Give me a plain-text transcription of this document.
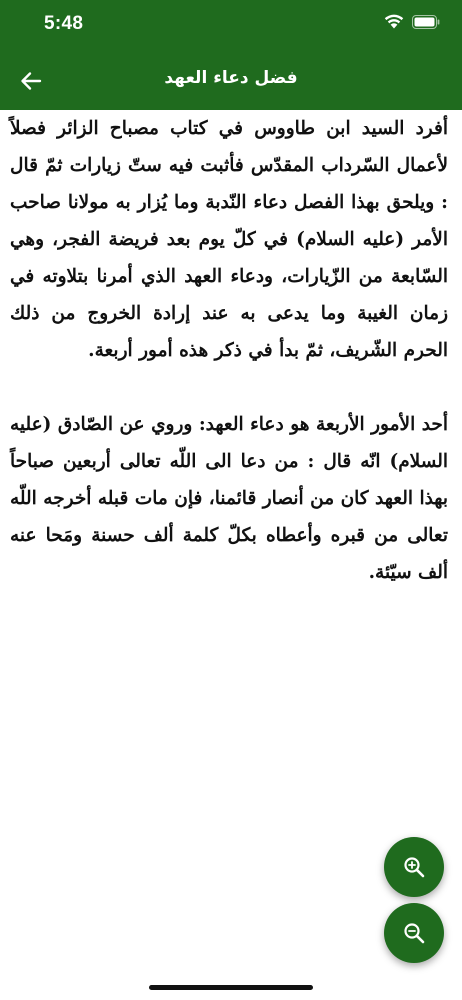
5:48
فضل دعاء العهد

أفرد السيد ابن طاووس في كتاب مصباح الزائر فصلاً لأعمال السّرداب المقدّس فأثبت فيه ستّ زيارات ثمّ قال : ويلحق بهذا الفصل دعاء النّدبة وما يُزار به مولانا صاحب الأمر (عليه السلام) في كلّ يوم بعد فريضة الفجر، وهي السّابعة من الزّيارات، ودعاء العهد الذي أمرنا بتلاوته في زمان الغيبة وما يدعى به عند إرادة الخروج من ذلك الحرم الشّريف، ثمّ بدأ في ذكر هذه أمور أربعة.

أحد الأمور الأربعة هو دعاء العهد: وروي عن الصّادق (عليه السلام) انّه قال : من دعا الى اللّه تعالى أربعين صباحاً بهذا العهد كان من أنصار قائمنا، فإن مات قبله أخرجه اللّه تعالى من قبره وأعطاه بكلّ كلمة ألف حسنة ومَحا عنه ألف سيّئة.
